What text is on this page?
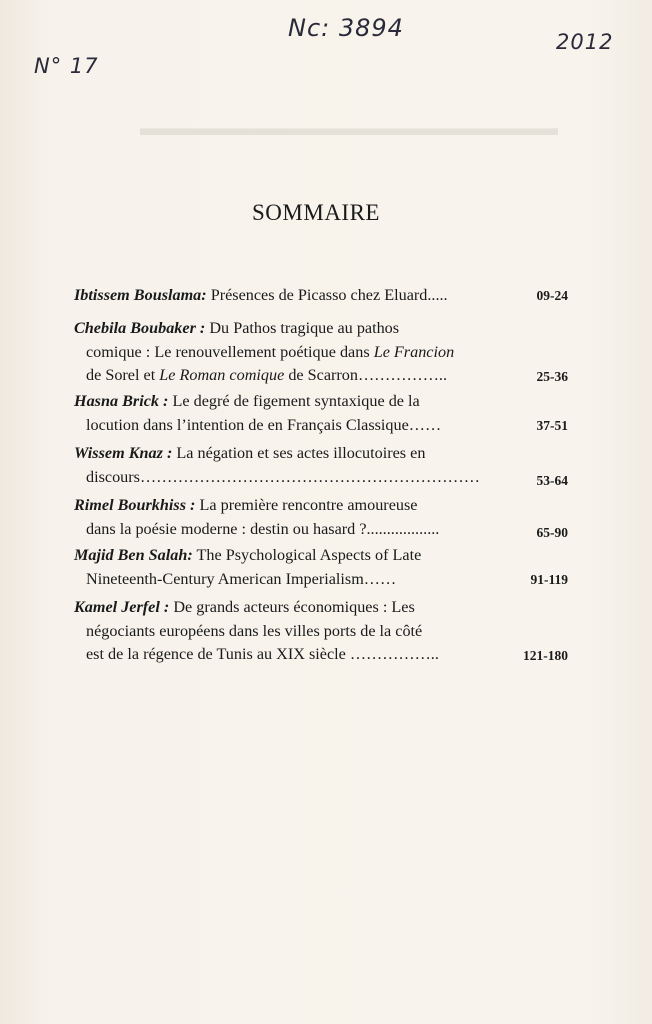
▬▬▬▬▬▬▬▬▬▬▬▬▬▬▬▬▬▬▬
Nc: 3894
N° 17
2012
SOMMAIRE
Ibtissem Bouslama: Présences de Picasso chez Eluard.....	09-24
Chebila Boubaker : Du Pathos tragique au pathos
comique : Le renouvellement poétique dans Le Francion
de Sorel et Le Roman comique de Scarron……………..	25-36
Hasna Brick : Le degré de figement syntaxique de la
locution dans l’intention de en Français Classique……	37-51
Wissem Knaz : La négation et ses actes illocutoires en
discours………………………………………………………	53-64
Rimel Bourkhiss : La première rencontre amoureuse
dans la poésie moderne : destin ou hasard ?..................	65-90
Majid Ben Salah: The Psychological Aspects of Late
Nineteenth-Century American Imperialism……	91-119
Kamel Jerfel : De grands acteurs économiques : Les
négociants européens dans les villes ports de la côté
est de la régence de Tunis au XIX siècle ……………..	121-180
